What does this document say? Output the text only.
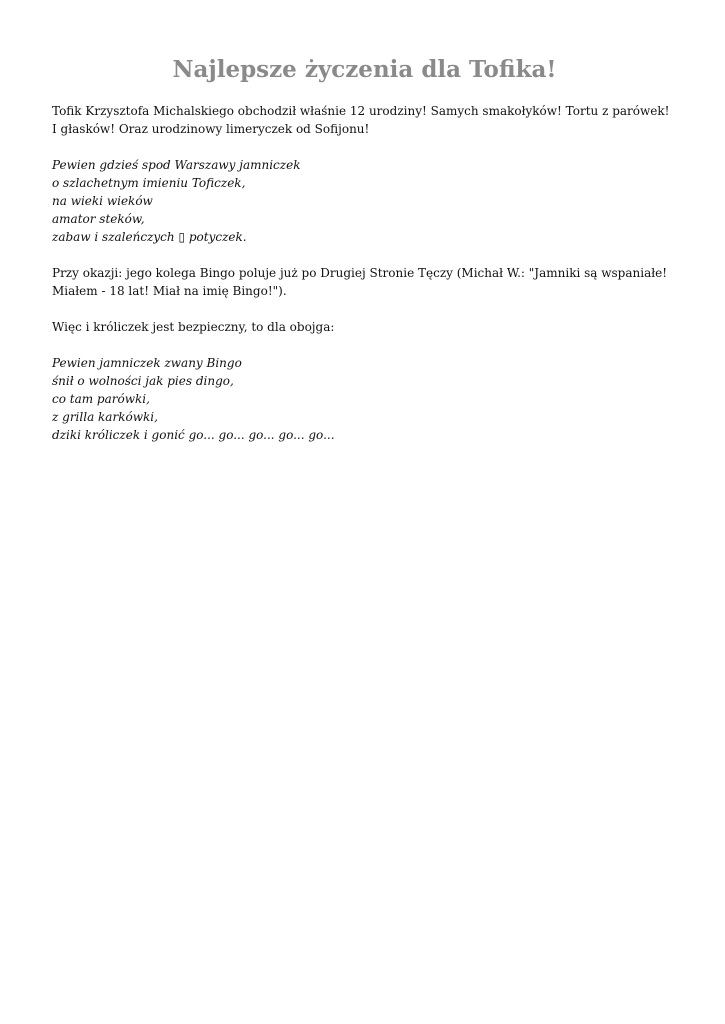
Najlepsze życzenia dla Tofika!

Tofik Krzysztofa Michalskiego obchodził właśnie 12 urodziny! Samych smakołyków! Tortu z parówek! I głasków! Oraz urodzinowy limeryczek od Sofijonu!

Pewien gdzieś spod Warszawy jamniczek
o szlachetnym imieniu Toficzek,
na wieki wieków
amator steków,
zabaw i szaleńczych ▯ potyczek.

Przy okazji: jego kolega Bingo poluje już po Drugiej Stronie Tęczy (Michał W.: "Jamniki są wspaniałe! Miałem - 18 lat! Miał na imię Bingo!").

Więc i króliczek jest bezpieczny, to dla obojga:

Pewien jamniczek zwany Bingo
śnił o wolności jak pies dingo,
co tam parówki,
z grilla karkówki,
dziki króliczek i gonić go... go... go... go... go...
